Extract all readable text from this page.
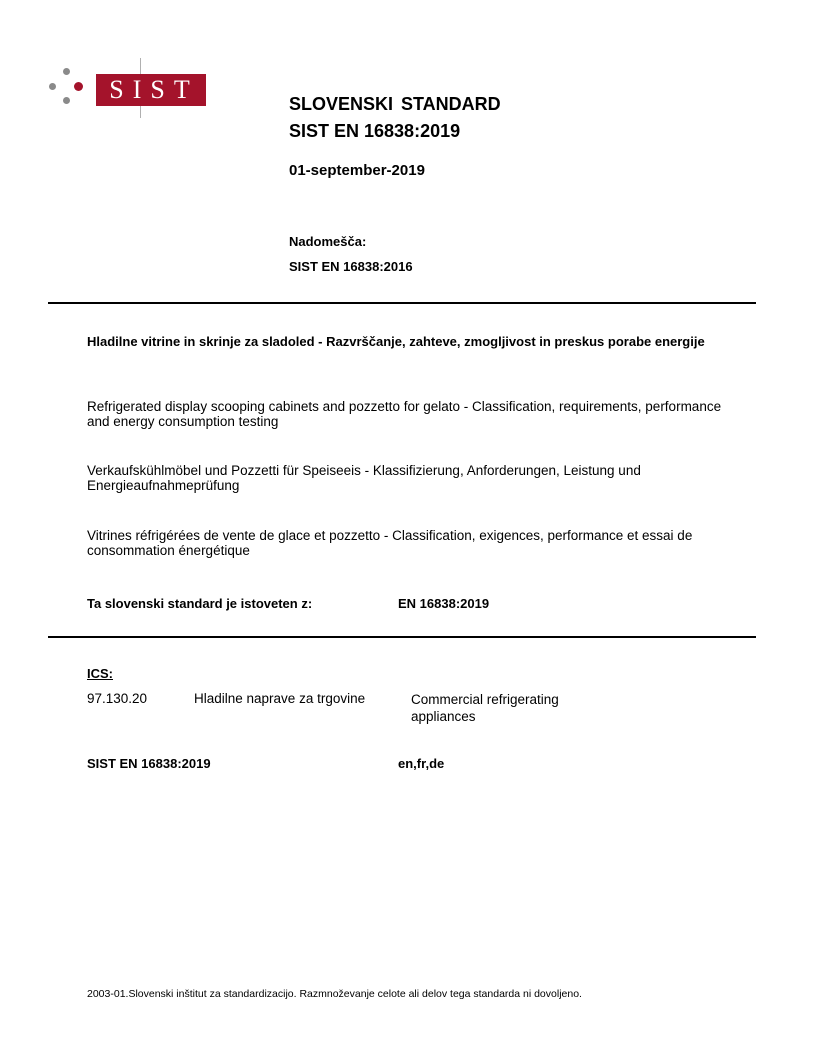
SIST	SLOVENSKI STANDARD
SIST EN 16838:2019
01-september-2019
Nadomešča:
SIST EN 16838:2016
Hladilne vitrine in skrinje za sladoled - Razvrščanje, zahteve, zmogljivost in preskus porabe energije
Refrigerated display scooping cabinets and pozzetto for gelato - Classification, requirements, performance and energy consumption testing
Verkaufskühlmöbel und Pozzetti für Speiseeis - Klassifizierung, Anforderungen, Leistung und Energieaufnahmeprüfung
Vitrines réfrigérées de vente de glace et pozzetto - Classification, exigences, performance et essai de consommation énergétique
Ta slovenski standard je istoveten z:	EN 16838:2019
ICS:
97.130.20	Hladilne naprave za trgovine	Commercial refrigerating appliances
SIST EN 16838:2019	en,fr,de
2003-01.Slovenski inštitut za standardizacijo. Razmnoževanje celote ali delov tega standarda ni dovoljeno.
